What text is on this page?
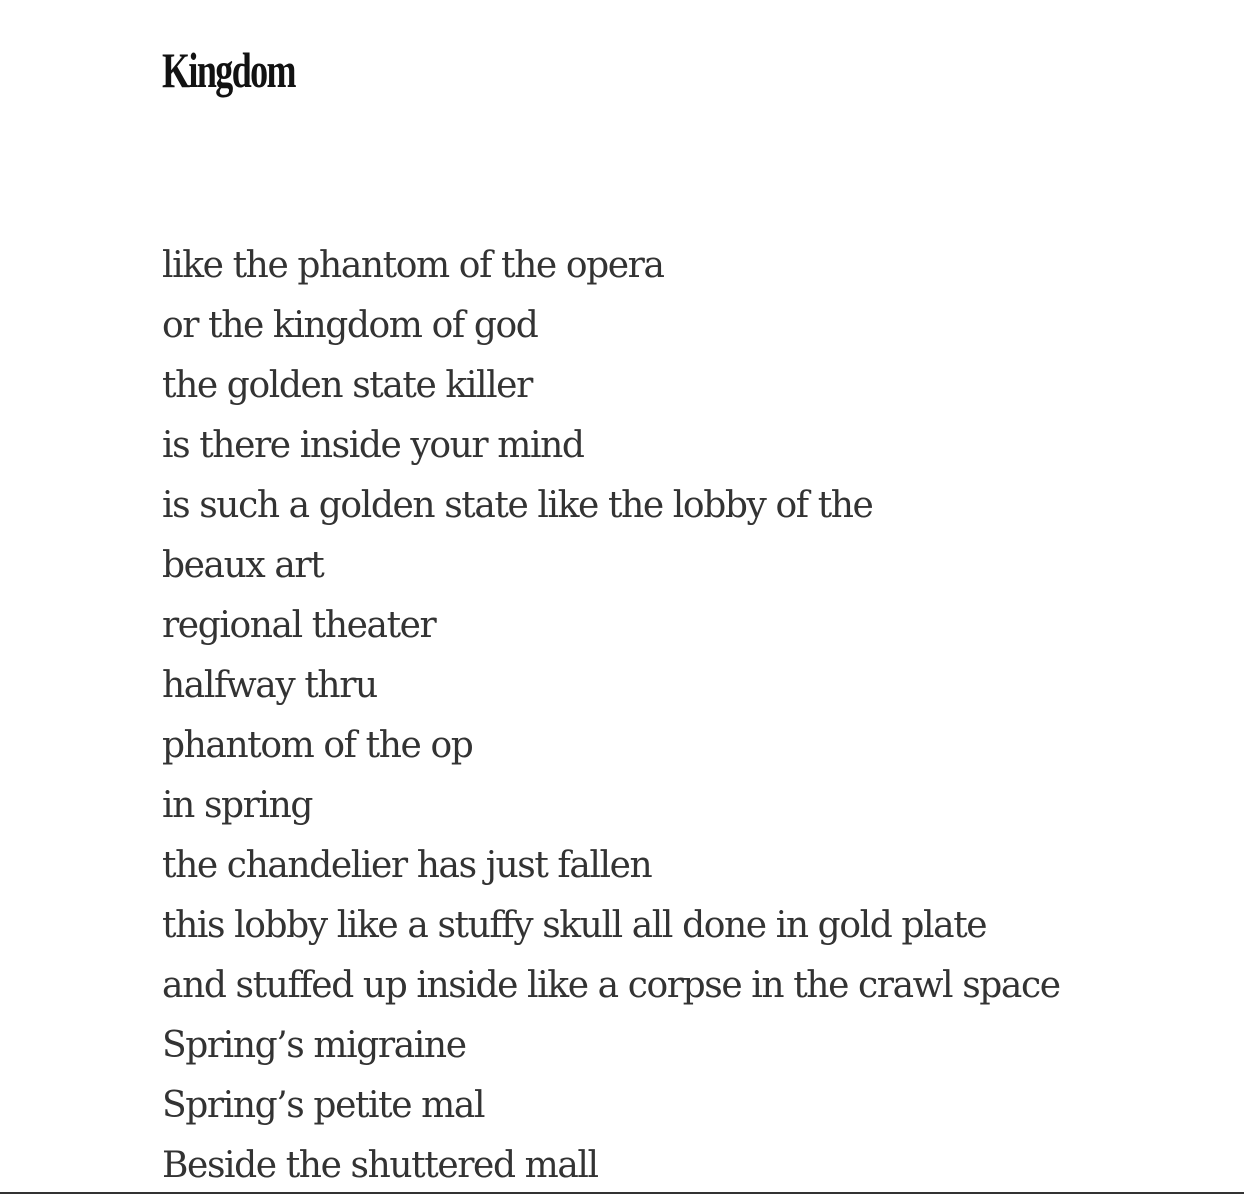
Kingdom
like the phantom of the opera
or the kingdom of god
the golden state killer
is there inside your mind
is such a golden state like the lobby of the
beaux art
regional theater
halfway thru
phantom of the op
in spring
the chandelier has just fallen
this lobby like a stuffy skull all done in gold plate
and stuffed up inside like a corpse in the crawl space
Spring’s migraine
Spring’s petite mal
Beside the shuttered mall
